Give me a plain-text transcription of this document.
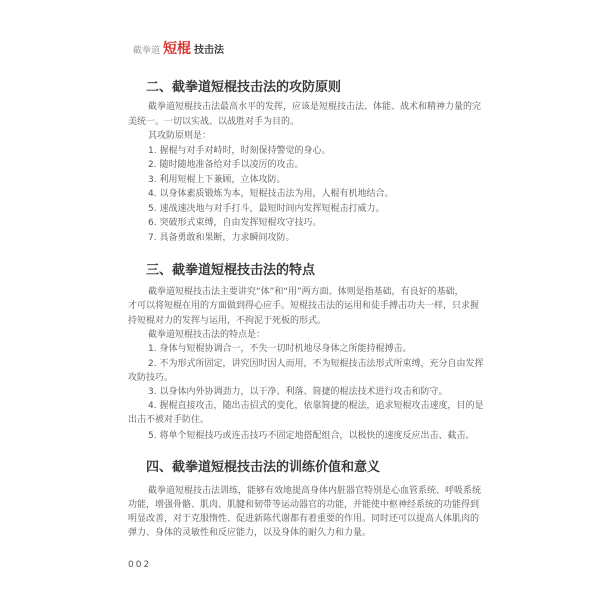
截拳道 短棍 技击法
二、截拳道短棍技击法的攻防原则
截拳道短棍技击法最高水平的发挥，应该是短棍技击法、体能、战术和精神力量的完
美统一。一切以实战、以战胜对手为目的。
其攻防原则是：
1. 握棍与对手对峙时，时刻保持警觉的身心。
2. 随时随地准备给对手以凌厉的攻击。
3. 利用短棍上下兼顾，立体攻防。
4. 以身体素质锻炼为本，短棍技击法为用，人棍有机地结合。
5. 速战速决地与对手打斗，最短时间内发挥短棍击打威力。
6. 突破形式束缚，自由发挥短棍攻守技巧。
7. 具备勇敢和果断，力求瞬间攻防。
三、截拳道短棍技击法的特点
截拳道短棍技击法主要讲究“体”和“用”两方面。体则是指基础，有良好的基础，
才可以将短棍在用的方面做到得心应手。短棍技击法的运用和徒手搏击功夫一样，只求握
持短棍对力的发挥与运用，不拘泥于死板的形式。
截拳道短棍技击法的特点是：
1. 身体与短棍协调合一，不失一切时机地尽身体之所能持棍搏击。
2. 不为形式所固定，讲究因时因人而用，不为短棍技击法形式所束缚，充分自由发挥
攻防技巧。
3. 以身体内外协调劲力，以干净、利落、简捷的棍法技术进行攻击和防守。
4. 握棍直接攻击，随出击招式的变化，依靠简捷的棍法，追求短棍攻击速度，目的是
出击不被对手防住。
5. 将单个短棍技巧或连击技巧不固定地搭配组合，以极快的速度反应出击、截击。
四、截拳道短棍技击法的训练价值和意义
截拳道短棍技击法训练，能够有效地提高身体内脏器官特别是心血管系统、呼吸系统
功能，增强骨骼、肌肉、肌腱和韧带等运动器官的功能，并能使中枢神经系统的功能得到
明显改善，对于克服惰性、促进新陈代谢都有着重要的作用。同时还可以提高人体肌肉的
弹力、身体的灵敏性和反应能力，以及身体的耐久力和力量。
002
